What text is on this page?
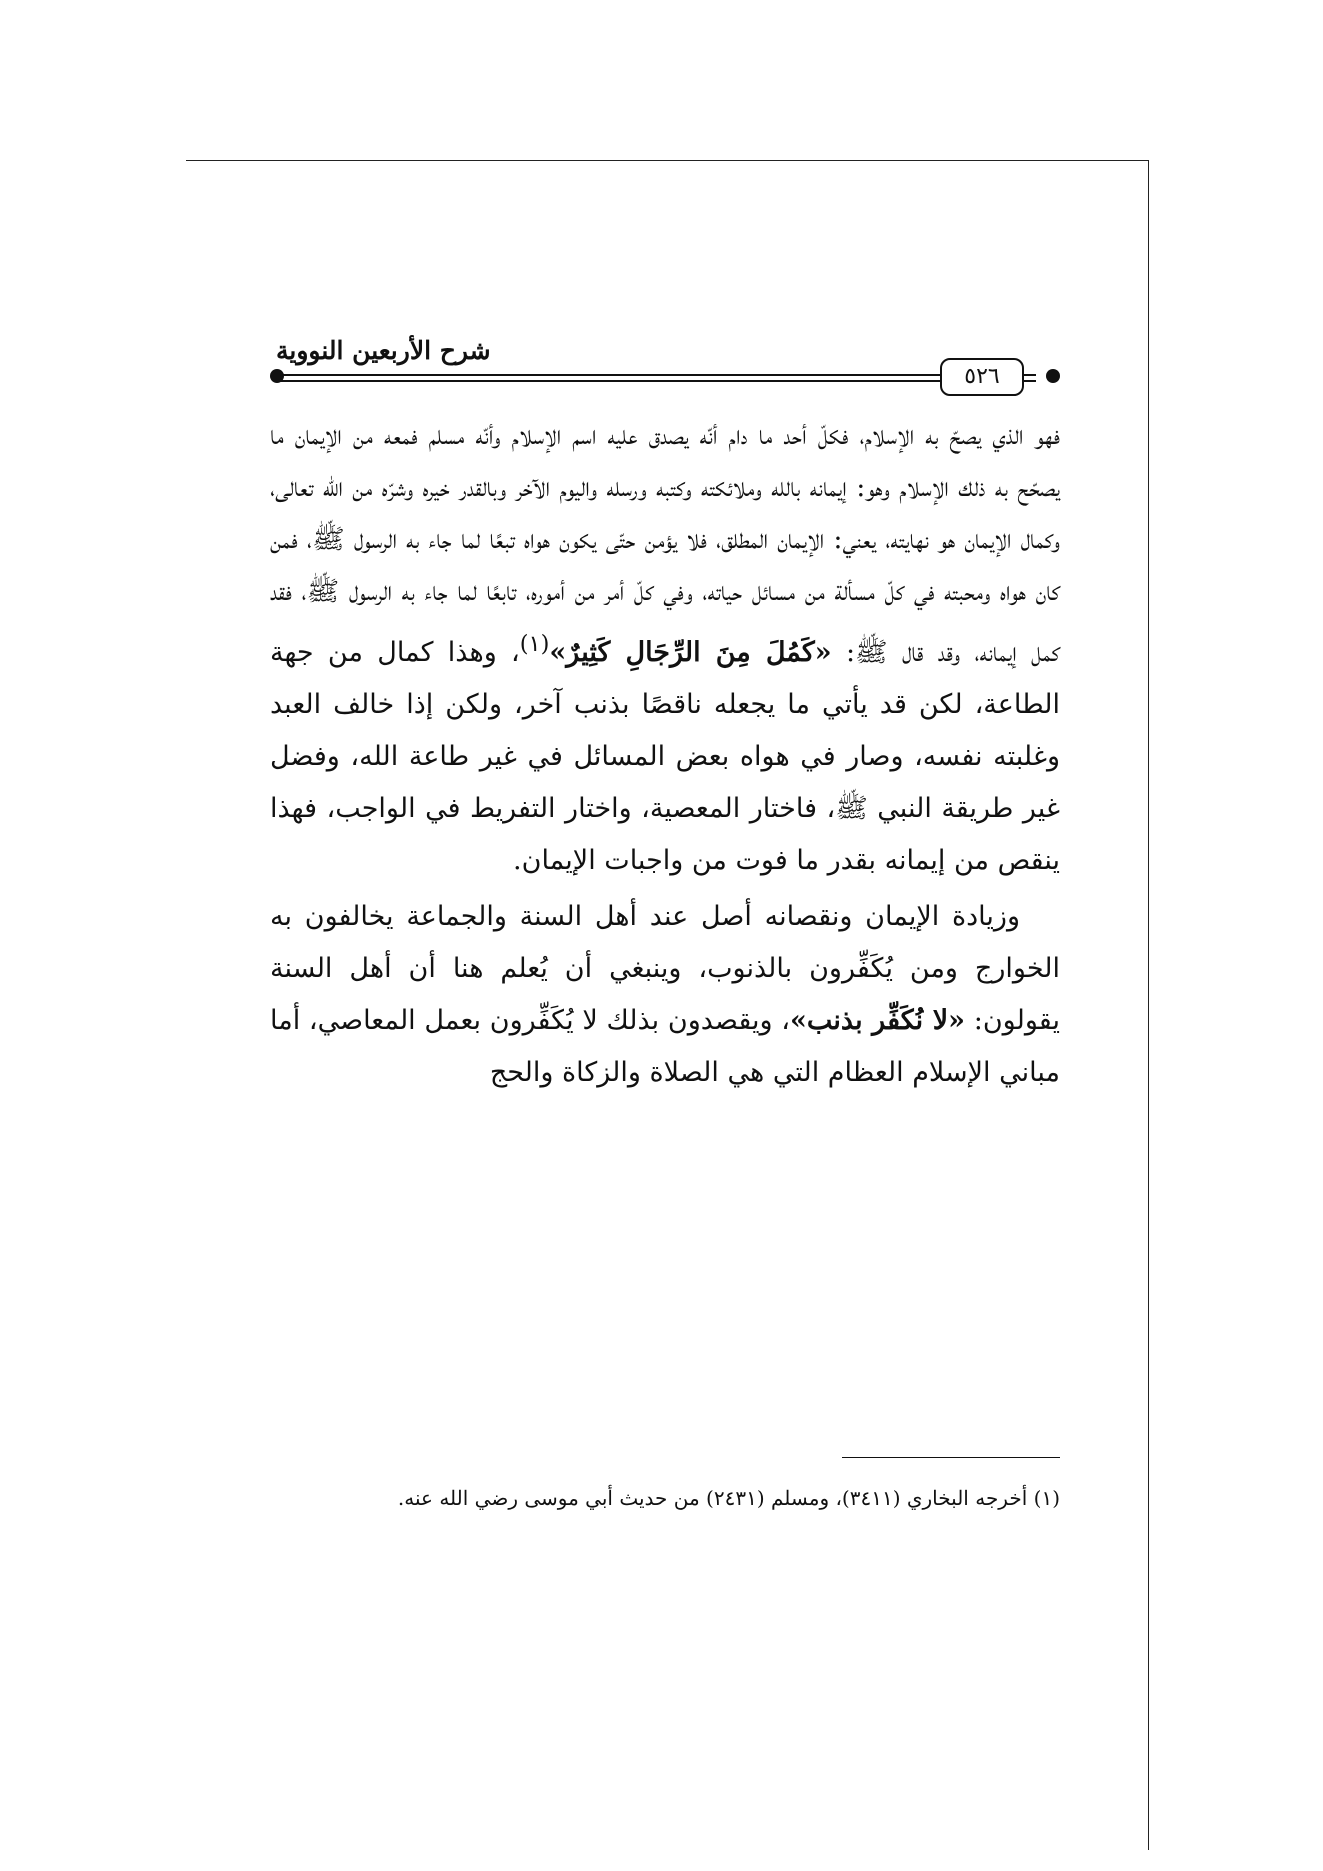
شرح الأربعين النووية
٥٢٦

فهو الذي يصحّ به الإسلام، فكلّ أحد ما دام أنّه يصدق عليه اسم الإسلام وأنّه مسلم فمعه من الإيمان ما يصحّح به ذلك الإسلام وهو: إيمانه بالله وملائكته وكتبه ورسله واليوم الآخر وبالقدر خيره وشرّه من الله تعالى، وكمال الإيمان هو نهايته، يعني: الإيمان المطلق، فلا يؤمن حتّى يكون هواه تبعًا لما جاء به الرسول ﷺ، فمن كان هواه ومحبته في كلّ مسألة من مسائل حياته، وفي كلّ أمر من أموره، تابعًا لما جاء به الرسول ﷺ، فقد كمل إيمانه، وقد قال ﷺ: «كَمُلَ مِنَ الرِّجَالِ كَثِيرٌ»$^{(١)}$، وهذا كمال من جهة الطاعة، لكن قد يأتي ما يجعله ناقصًا بذنب آخر، ولكن إذا خالف العبد وغلبته نفسه، وصار في هواه بعض المسائل في غير طاعة الله، وفضل غير طريقة النبي ﷺ، فاختار المعصية، واختار التفريط في الواجب، فهذا ينقص من إيمانه بقدر ما فوت من واجبات الإيمان.

وزيادة الإيمان ونقصانه أصل عند أهل السنة والجماعة يخالفون به الخوارج ومن يُكَفِّرون بالذنوب، وينبغي أن يُعلم هنا أن أهل السنة يقولون: «لا نُكَفِّر بذنب»، ويقصدون بذلك لا يُكَفِّرون بعمل المعاصي، أما مباني الإسلام العظام التي هي الصلاة والزكاة والحج

(١) أخرجه البخاري (٣٤١١)، ومسلم (٢٤٣١) من حديث أبي موسى رضي الله عنه.
